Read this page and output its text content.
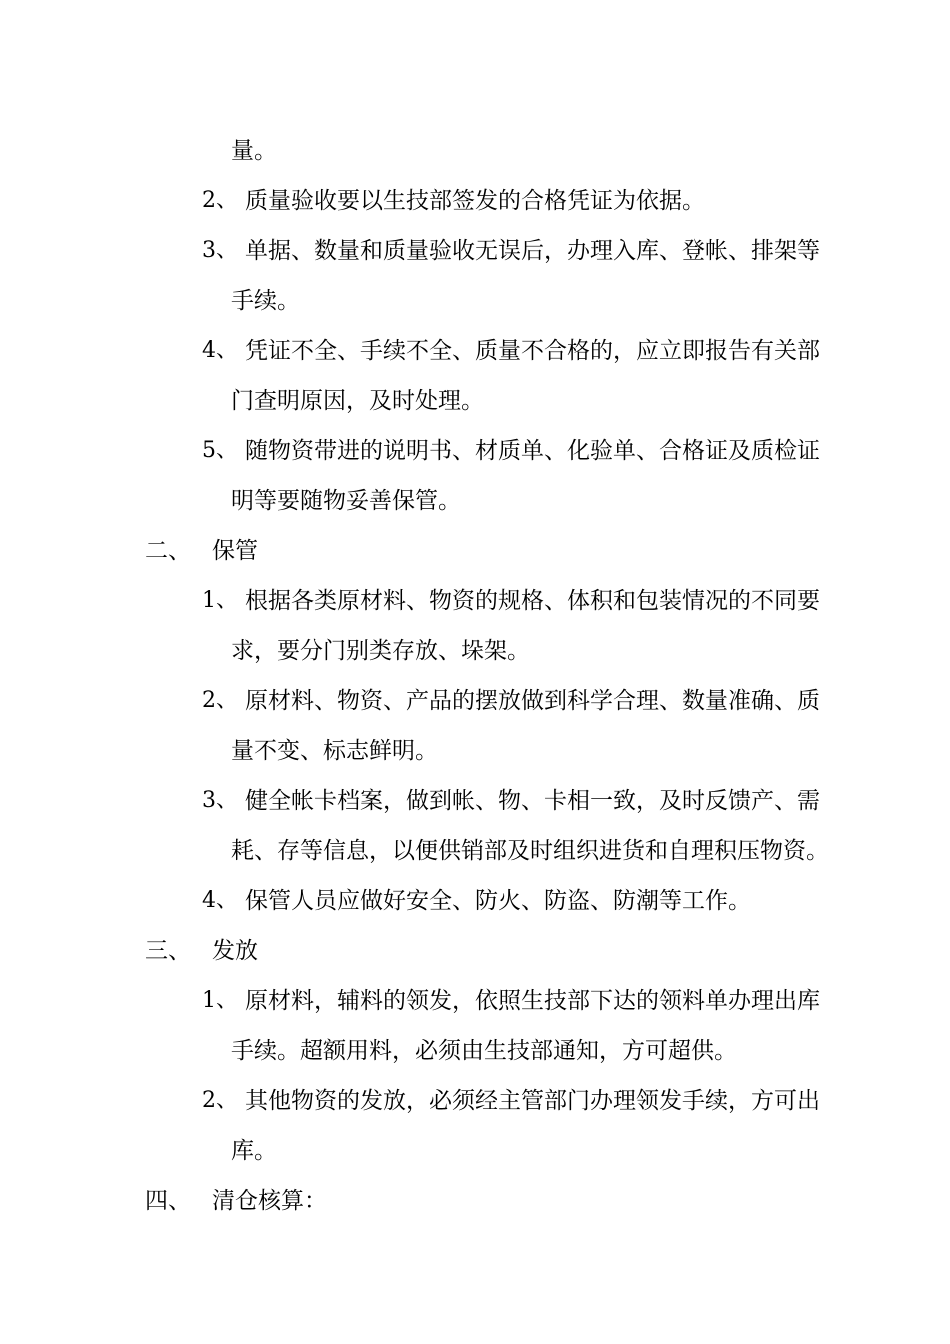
量。
2、 质量验收要以生技部签发的合格凭证为依据。
3、 单据、数量和质量验收无误后，办理入库、登帐、排架等
手续。
4、 凭证不全、手续不全、质量不合格的，应立即报告有关部
门查明原因，及时处理。
5、 随物资带进的说明书、材质单、化验单、合格证及质检证
明等要随物妥善保管。
二、 保管
1、 根据各类原材料、物资的规格、体积和包装情况的不同要
求，要分门别类存放、垛架。
2、 原材料、物资、产品的摆放做到科学合理、数量准确、质
量不变、标志鲜明。
3、 健全帐卡档案，做到帐、物、卡相一致，及时反馈产、需
耗、存等信息，以便供销部及时组织进货和自理积压物资。
4、 保管人员应做好安全、防火、防盗、防潮等工作。
三、 发放
1、 原材料，辅料的领发，依照生技部下达的领料单办理出库
手续。超额用料，必须由生技部通知，方可超供。
2、 其他物资的发放，必须经主管部门办理领发手续，方可出
库。
四、 清仓核算：
